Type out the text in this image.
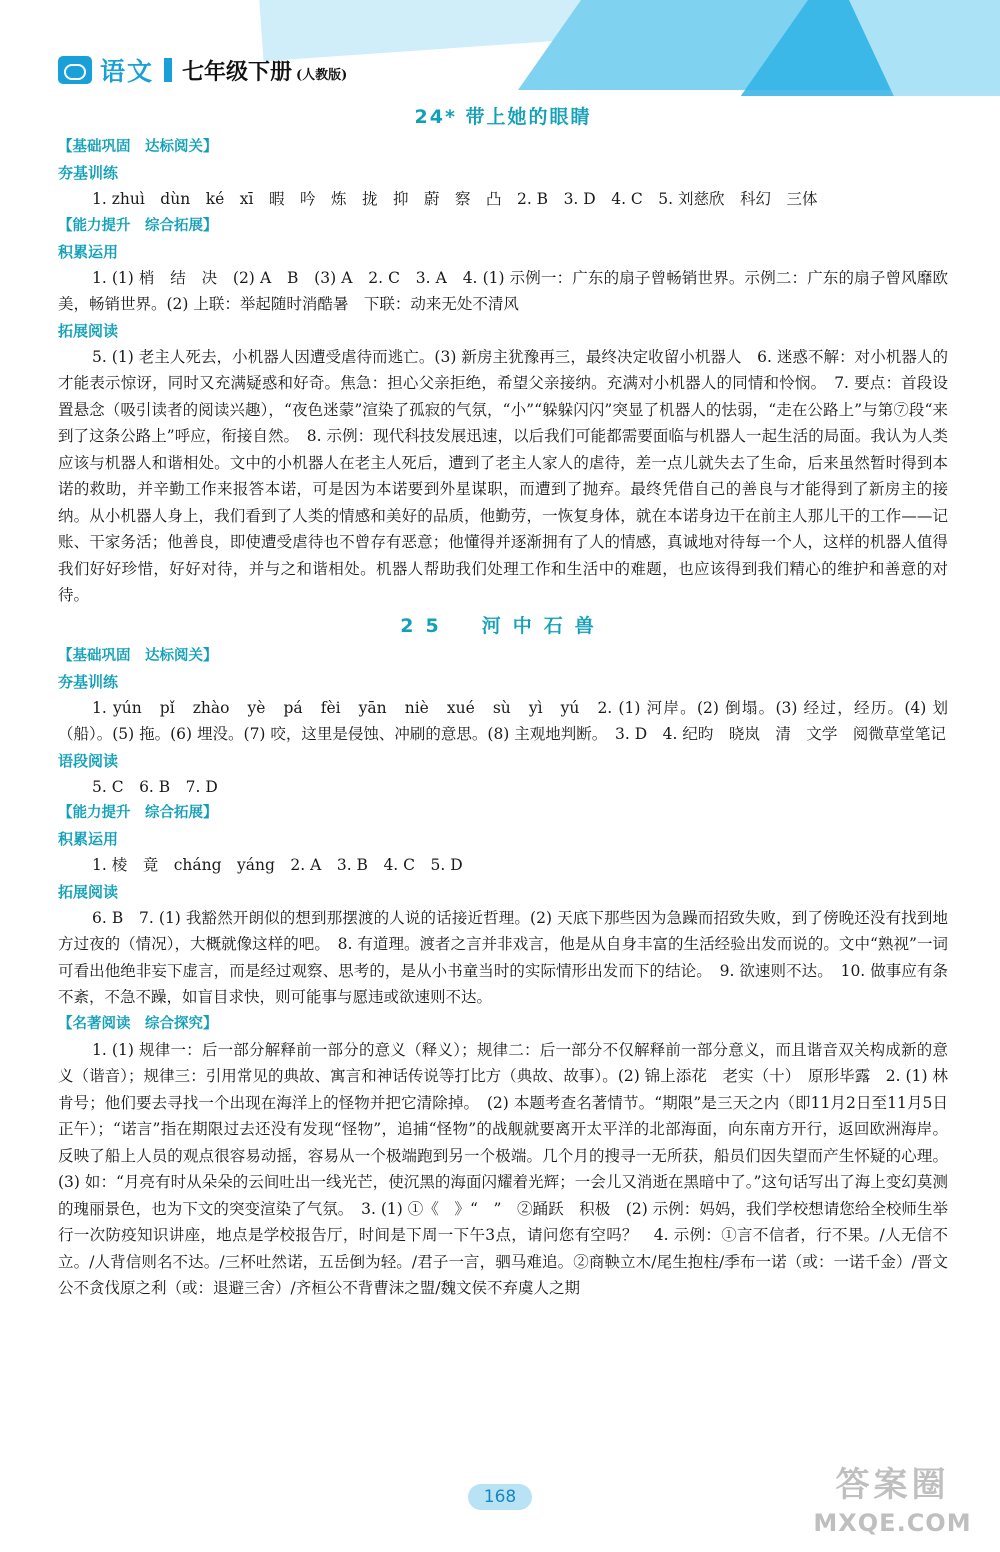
语文 七年级下册 (人教版)
24* 带上她的眼睛
【基础巩固　达标阅关】
夯基训练

1. zhuì　dùn　ké　xī　暇　吟　炼　拢　抑　蔚　察　凸　2. B　3. D　4. C　5. 刘慈欣　科幻　三体

【能力提升　综合拓展】
积累运用

1. (1) 梢　结　决　(2) A　B　(3) A　2. C　3. A　4. (1) 示例一：广东的扇子曾畅销世界。示例二：广东的扇子曾风靡欧美，畅销世界。(2) 上联：举起随时消酷暑　下联：动来无处不清风

拓展阅读

5. (1) 老主人死去，小机器人因遭受虐待而逃亡。(3) 新房主犹豫再三，最终决定收留小机器人　6. 迷惑不解：对小机器人的才能表示惊讶，同时又充满疑惑和好奇。焦急：担心父亲拒绝，希望父亲接纳。充满对小机器人的同情和怜悯。　7. 要点：首段设置悬念（吸引读者的阅读兴趣），“夜色迷蒙”渲染了孤寂的气氛，“小”“躲躲闪闪”突显了机器人的怯弱，“走在公路上”与第⑦段“来到了这条公路上”呼应，衔接自然。　8. 示例：现代科技发展迅速，以后我们可能都需要面临与机器人一起生活的局面。我认为人类应该与机器人和谐相处。文中的小机器人在老主人死后，遭到了老主人家人的虐待，差一点儿就失去了生命，后来虽然暂时得到本诺的救助，并辛勤工作来报答本诺，可是因为本诺要到外星谋职，而遭到了抛弃。最终凭借自己的善良与才能得到了新房主的接纳。从小机器人身上，我们看到了人类的情感和美好的品质，他勤劳，一恢复身体，就在本诺身边干在前主人那儿干的工作——记账、干家务活；他善良，即使遭受虐待也不曾存有恶意；他懂得并逐渐拥有了人的情感，真诚地对待每一个人，这样的机器人值得我们好好珍惜，好好对待，并与之和谐相处。机器人帮助我们处理工作和生活中的难题，也应该得到我们精心的维护和善意的对待。

25　河中石兽
【基础巩固　达标阅关】
夯基训练

1. yún　pǐ　zhào　yè　pá　fèi　yān　niè　xué　sù　yì　yú　2. (1) 河岸。(2) 倒塌。(3) 经过，经历。(4) 划（船）。(5) 拖。(6) 埋没。(7) 咬，这里是侵蚀、冲刷的意思。(8) 主观地判断。　3. D　4. 纪昀　晓岚　清　文学　阅微草堂笔记

语段阅读

5. C　6. B　7. D

【能力提升　综合拓展】
积累运用

1. 棱　竟　cháng　yáng　2. A　3. B　4. C　5. D

拓展阅读

6. B　7. (1) 我豁然开朗似的想到那摆渡的人说的话接近哲理。(2) 天底下那些因为急躁而招致失败，到了傍晚还没有找到地方过夜的（情况），大概就像这样的吧。　8. 有道理。渡者之言并非戏言，他是从自身丰富的生活经验出发而说的。文中“熟视”一词可看出他绝非妄下虚言，而是经过观察、思考的，是从小书童当时的实际情形出发而下的结论。　9. 欲速则不达。　10. 做事应有条不紊，不急不躁，如盲目求快，则可能事与愿违或欲速则不达。

【名著阅读　综合探究】

1. (1) 规律一：后一部分解释前一部分的意义（释义）；规律二：后一部分不仅解释前一部分意义，而且谐音双关构成新的意义（谐音）；规律三：引用常见的典故、寓言和神话传说等打比方（典故、故事）。(2) 锦上添花　老实（十）　原形毕露　2. (1) 林肯号；他们要去寻找一个出现在海洋上的怪物并把它清除掉。　(2) 本题考查名著情节。“期限”是三天之内（即11月2日至11月5日正午）；“诺言”指在期限过去还没有发现“怪物”，追捕“怪物”的战舰就要离开太平洋的北部海面，向东南方开行，返回欧洲海岸。反映了船上人员的观点很容易动摇，容易从一个极端跑到另一个极端。几个月的搜寻一无所获，船员们因失望而产生怀疑的心理。(3) 如：“月亮有时从朵朵的云间吐出一线光芒，使沉黑的海面闪耀着光辉；一会儿又消逝在黑暗中了。”这句话写出了海上变幻莫测的瑰丽景色，也为下文的突变渲染了气氛。　3. (1) ①《　》“　”　②踊跃　积极　(2) 示例：妈妈，我们学校想请您给全校师生举行一次防疫知识讲座，地点是学校报告厅，时间是下周一下午3点，请问您有空吗？　4. 示例：①言不信者，行不果。/人无信不立。/人背信则名不达。/三杯吐然诺，五岳倒为轻。/君子一言，驷马难追。②商鞅立木/尾生抱柱/季布一诺（或：一诺千金）/晋文公不贪伐原之利（或：退避三舍）/齐桓公不背曹沫之盟/魏文侯不弃虞人之期

168	答案圈
MXQE.COM
